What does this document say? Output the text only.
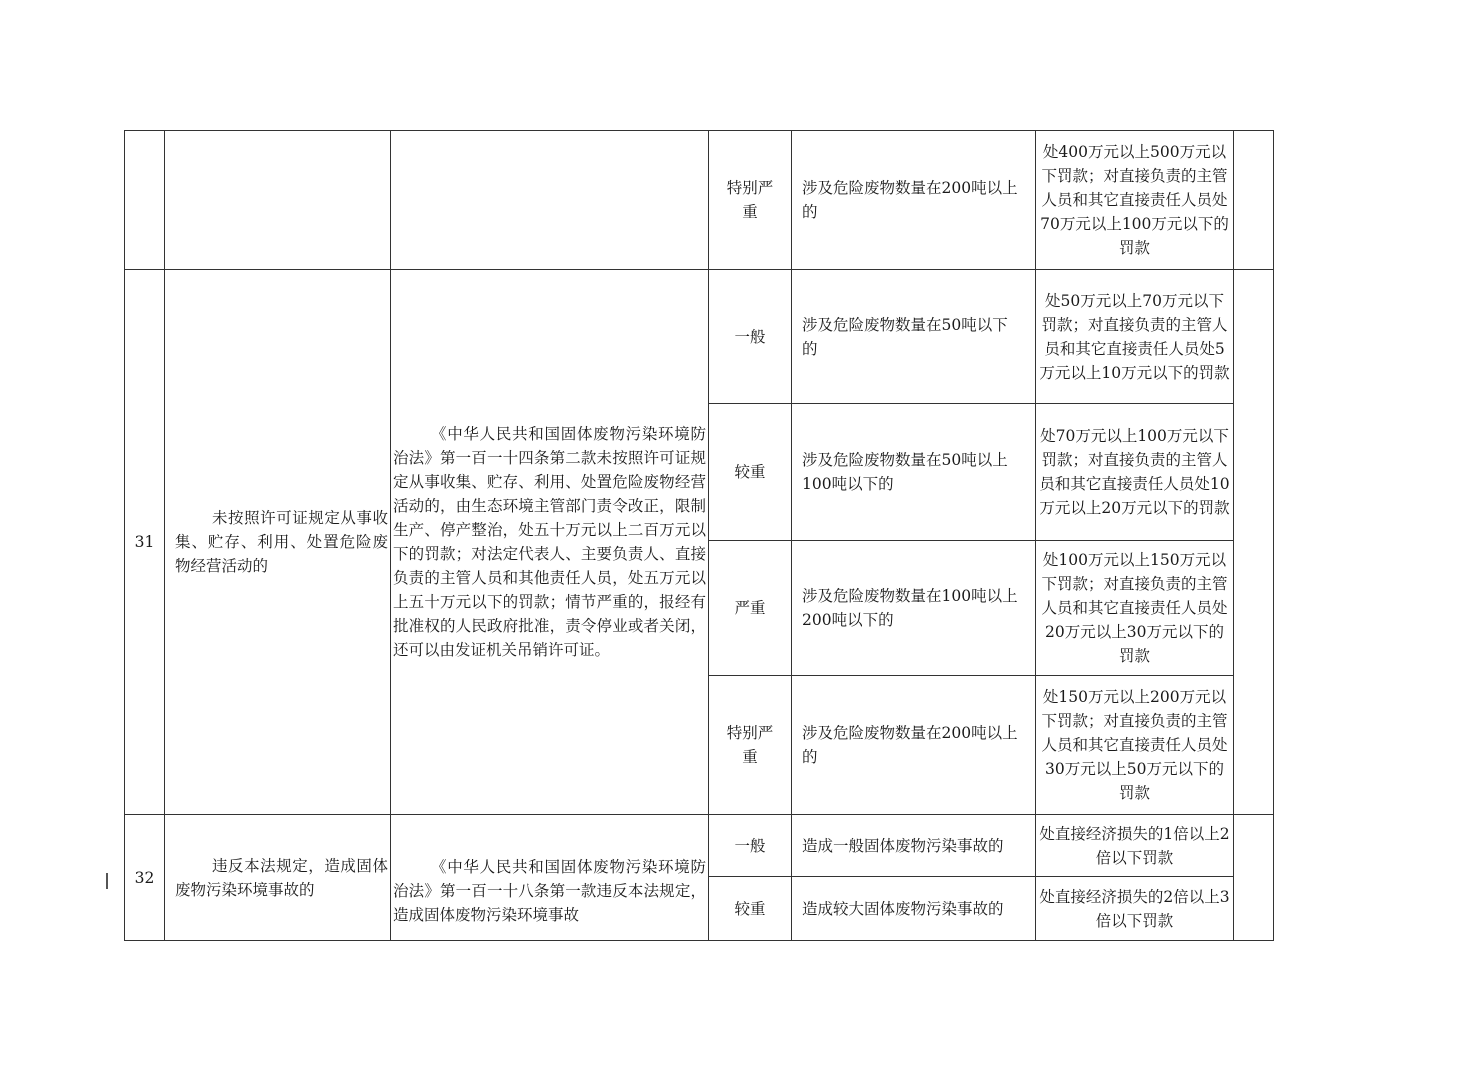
			特别严重	涉及危险废物数量在200吨以上的	处400万元以上500万元以下罚款；对直接负责的主管人员和其它直接责任人员处70万元以上100万元以下的罚款	
31	未按照许可证规定从事收集、贮存、利用、处置危险废物经营活动的	《中华人民共和国固体废物污染环境防治法》第一百一十四条第二款未按照许可证规定从事收集、贮存、利用、处置危险废物经营活动的，由生态环境主管部门责令改正，限制生产、停产整治，处五十万元以上二百万元以下的罚款；对法定代表人、主要负责人、直接负责的主管人员和其他责任人员，处五万元以上五十万元以下的罚款；情节严重的，报经有批准权的人民政府批准，责令停业或者关闭，还可以由发证机关吊销许可证。	一般	涉及危险废物数量在50吨以下的	处50万元以上70万元以下罚款；对直接负责的主管人员和其它直接责任人员处5万元以上10万元以下的罚款	
			较重	涉及危险废物数量在50吨以上100吨以下的	处70万元以上100万元以下罚款；对直接负责的主管人员和其它直接责任人员处10万元以上20万元以下的罚款	
			严重	涉及危险废物数量在100吨以上200吨以下的	处100万元以上150万元以下罚款；对直接负责的主管人员和其它直接责任人员处20万元以上30万元以下的罚款	
			特别严重	涉及危险废物数量在200吨以上的	处150万元以上200万元以下罚款；对直接负责的主管人员和其它直接责任人员处30万元以上50万元以下的罚款	
32	违反本法规定，造成固体废物污染环境事故的	《中华人民共和国固体废物污染环境防治法》第一百一十八条第一款违反本法规定，造成固体废物污染环境事故	一般	造成一般固体废物污染事故的	处直接经济损失的1倍以上2倍以下罚款	
			较重	造成较大固体废物污染事故的	处直接经济损失的2倍以上3倍以下罚款	
